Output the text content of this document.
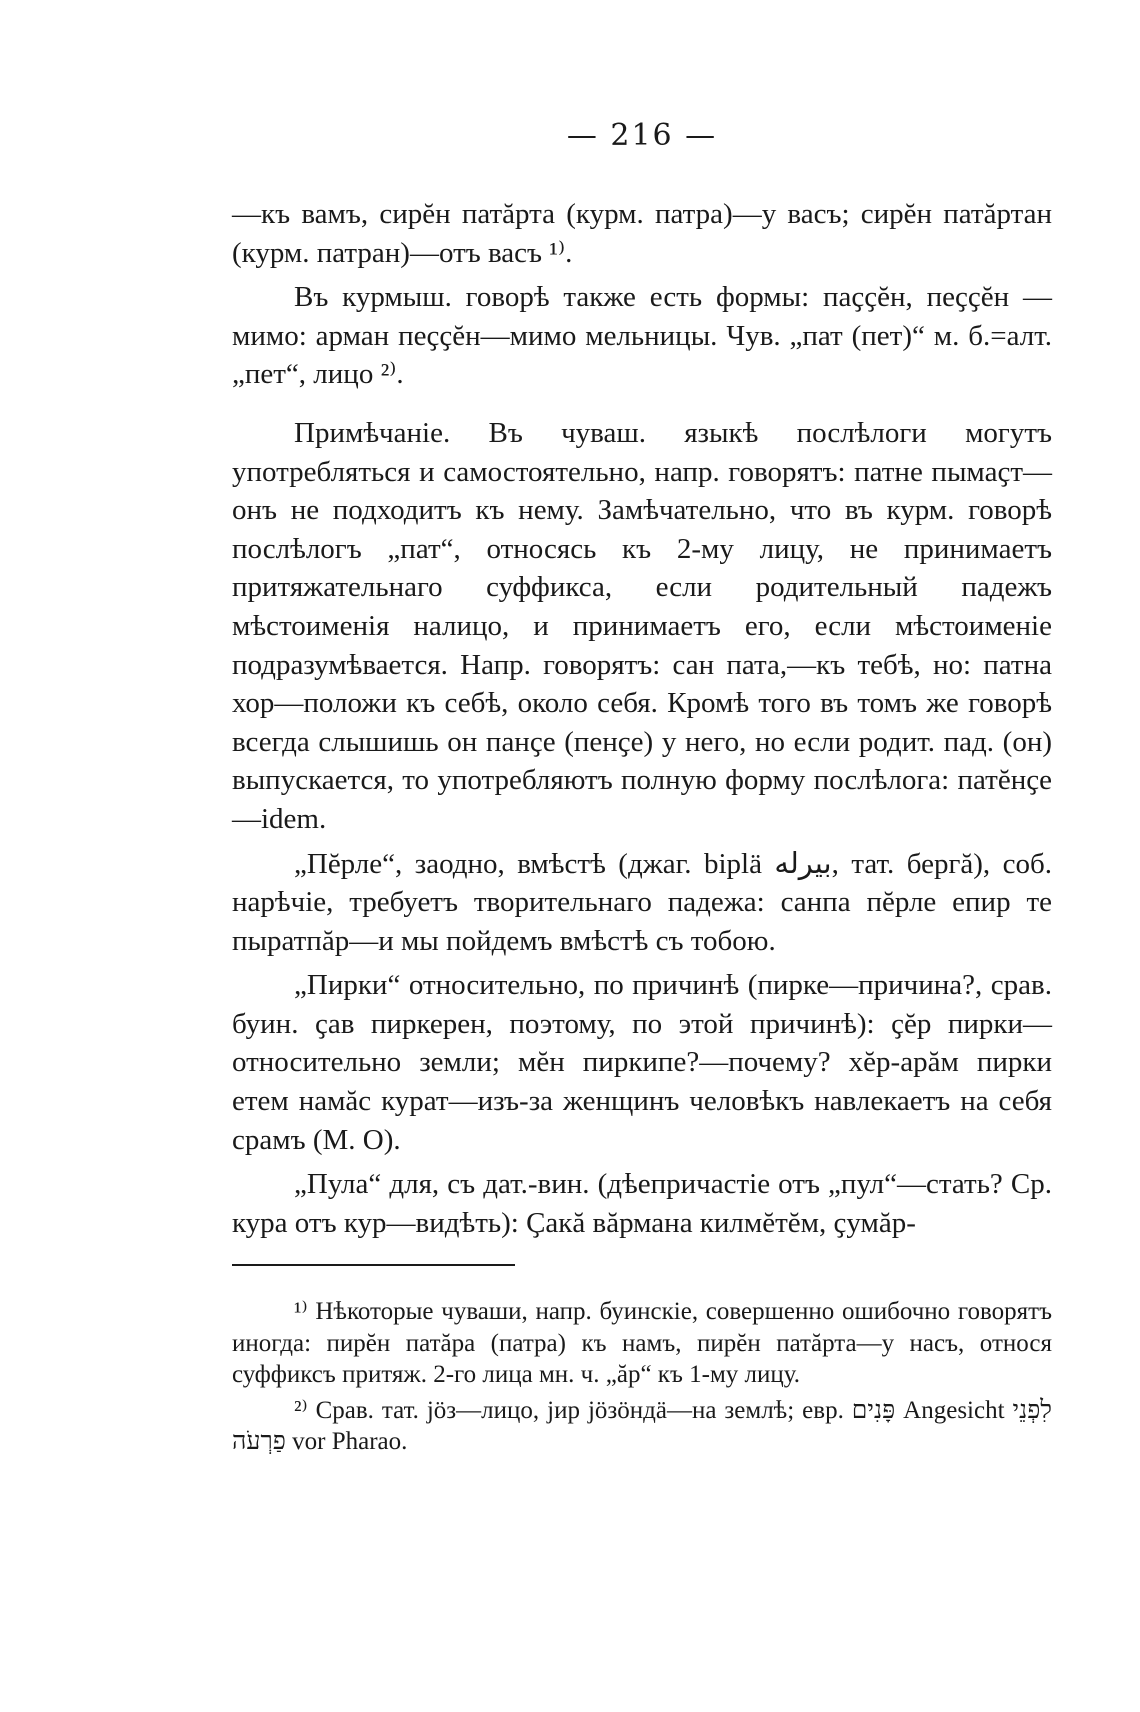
— 216 —

—къ вамъ, сирĕн патăрта (курм. патра)—у васъ; сирĕн патăртан (курм. патран)—отъ васъ ¹⁾.

Въ курмыш. говорѣ также есть формы: паҫҫĕн, пеҫҫĕн —мимо: арман пеҫҫĕн—мимо мельницы. Чув. „пат (пет)“ м. б.=алт. „пет“, лицо ²⁾.

Примѣчаніе. Въ чуваш. языкѣ послѣлоги могутъ употребляться и самостоятельно, напр. говорятъ: патне пымаҫт— онъ не подходитъ къ нему. Замѣчательно, что въ курм. говорѣ послѣлогъ „пат“, относясь къ 2-му лицу, не принимаетъ притяжательнаго суффикса, если родительный падежъ мѣстоименія налицо, и принимаетъ его, если мѣстоименіе подразумѣвается. Напр. говорятъ: сан пата,—къ тебѣ, но: патна хор—положи къ себѣ, около себя. Кромѣ того въ томъ же говорѣ всегда слышишь он панҫе (пенҫе) у него, но если родит. пад. (он) выпускается, то употребляютъ полную форму послѣлога: патĕнҫе—idem.

„Пĕрле“, заодно, вмѣстѣ (джаг. bірlä بيرله, тат. бергă), соб. нарѣчіе, требуетъ творительнаго падежа: санпа пĕрле епир те пыратпăр—и мы пойдемъ вмѣстѣ съ тобою.

„Пирки“ относительно, по причинѣ (пирке—причина?, срав. буин. ҫав пиркерен, поэтому, по этой причинѣ): ҫĕр пирки—относительно земли; мĕн пиркипе?—почему? хĕр-арăм пирки етем намăс курат—изъ-за женщинъ человѣкъ навлекаетъ на себя срамъ (М. О).

„Пула“ для, съ дат.-вин. (дѣепричастіе отъ „пул“—стать? Ср. кура отъ кур—видѣть): Ҫакă вăрмана килмĕтĕм, ҫумăр-

¹⁾ Нѣкоторые чуваши, напр. буинскіе, совершенно ошибочно говорятъ иногда: пирĕн патăра (патра) къ намъ, пирĕн патăрта—у насъ, относя суффиксъ притяж. 2-го лица мн. ч. „ăр“ къ 1-му лицу.

²⁾ Срав. тат. jöз—лицо, jир jöзöндä—на землѣ; евр. פָּנִים Angesicht לִפְנֵי פַרְעֹה vor Pharao.
